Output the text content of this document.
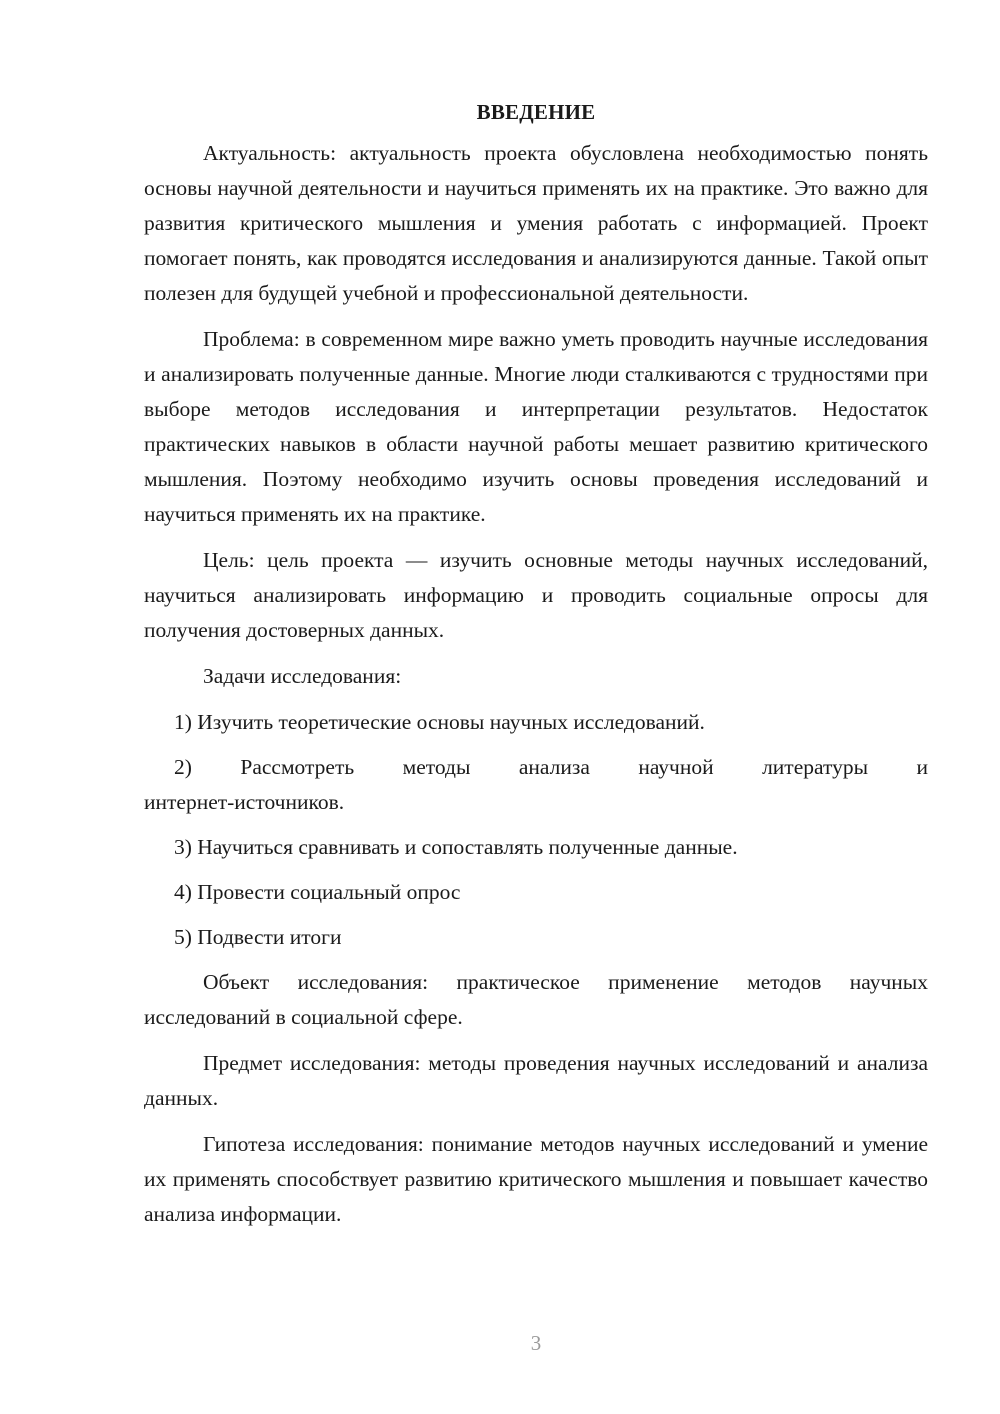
ВВЕДЕНИЕ

Актуальность: актуальность проекта обусловлена необходимостью понять основы научной деятельности и научиться применять их на практике. Это важно для развития критического мышления и умения работать с информацией. Проект помогает понять, как проводятся исследования и анализируются данные. Такой опыт полезен для будущей учебной и профессиональной деятельности.

Проблема: в современном мире важно уметь проводить научные исследования и анализировать полученные данные. Многие люди сталкиваются с трудностями при выборе методов исследования и интерпретации результатов. Недостаток практических навыков в области научной работы мешает развитию критического мышления. Поэтому необходимо изучить основы проведения исследований и научиться применять их на практике.

Цель: цель проекта — изучить основные методы научных исследований, научиться анализировать информацию и проводить социальные опросы для получения достоверных данных.

Задачи исследования:

1) Изучить теоретические основы научных исследований.

2) Рассмотреть методы анализа научной литературы и интернет-источников.

3) Научиться сравнивать и сопоставлять полученные данные.

4) Провести социальный опрос

5) Подвести итоги

Объект исследования: практическое применение методов научных исследований в социальной сфере.

Предмет исследования: методы проведения научных исследований и анализа данных.

Гипотеза исследования: понимание методов научных исследований и умение их применять способствует развитию критического мышления и повышает качество анализа информации.

3
